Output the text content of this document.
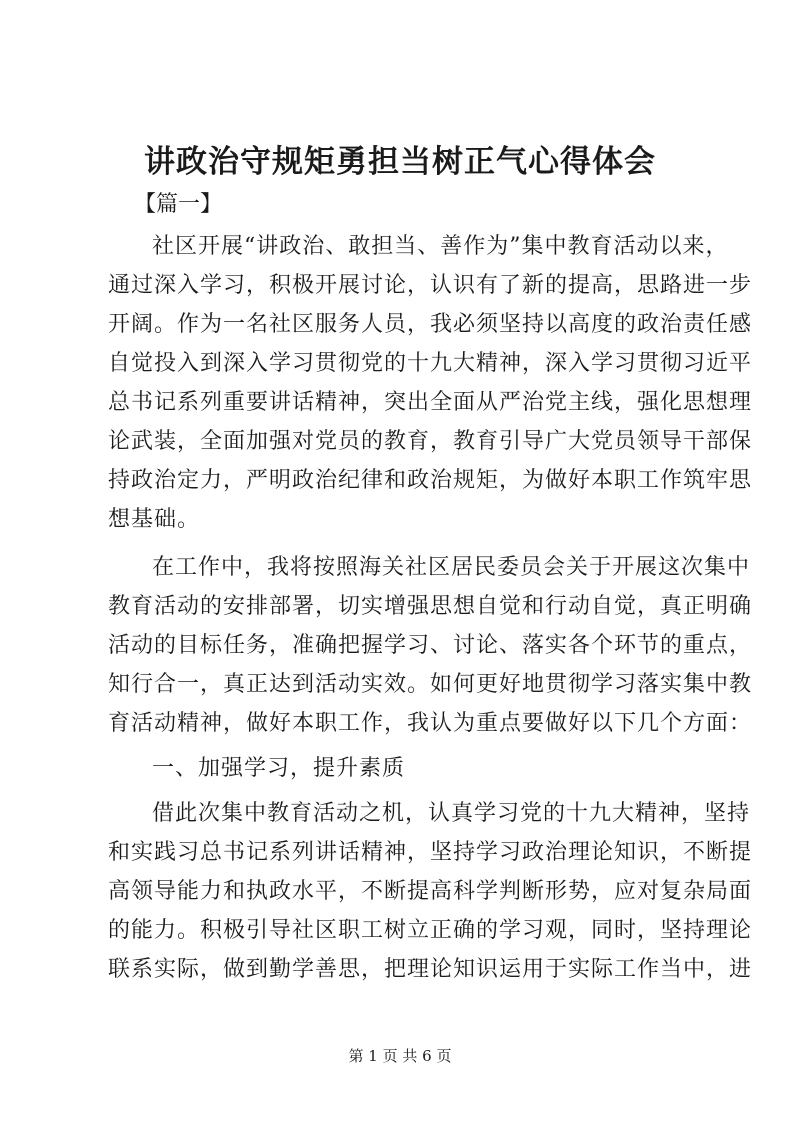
讲政治守规矩勇担当树正气心得体会
【篇一】
社区开展“讲政治、敢担当、善作为”集中教育活动以来，
通过深入学习，积极开展讨论，认识有了新的提高，思路进一步
开阔。作为一名社区服务人员，我必须坚持以高度的政治责任感
自觉投入到深入学习贯彻党的十九大精神，深入学习贯彻习近平
总书记系列重要讲话精神，突出全面从严治党主线，强化思想理
论武装，全面加强对党员的教育，教育引导广大党员领导干部保
持政治定力，严明政治纪律和政治规矩，为做好本职工作筑牢思
想基础。
在工作中，我将按照海关社区居民委员会关于开展这次集中
教育活动的安排部署，切实增强思想自觉和行动自觉，真正明确
活动的目标任务，准确把握学习、讨论、落实各个环节的重点，
知行合一，真正达到活动实效。如何更好地贯彻学习落实集中教
育活动精神，做好本职工作，我认为重点要做好以下几个方面：
一、加强学习，提升素质
借此次集中教育活动之机，认真学习党的十九大精神，坚持
和实践习总书记系列讲话精神，坚持学习政治理论知识，不断提
高领导能力和执政水平，不断提高科学判断形势，应对复杂局面
的能力。积极引导社区职工树立正确的学习观，同时，坚持理论
联系实际，做到勤学善思，把理论知识运用于实际工作当中，进
第 1 页 共 6 页
